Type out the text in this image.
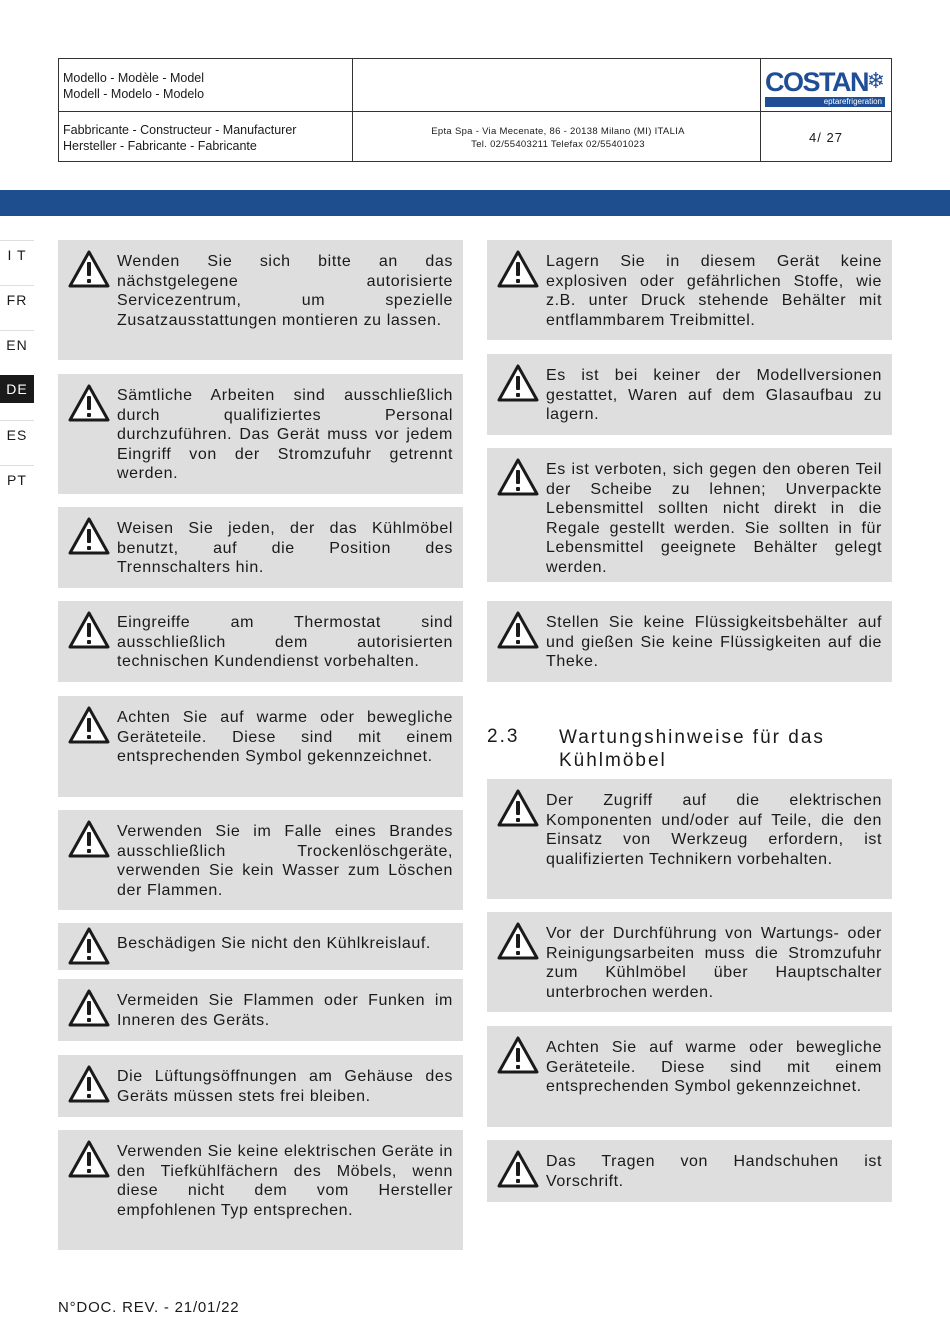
Modello - Modèle - Model
Modell - Modelo - Modelo
Fabbricante - Constructeur - Manufacturer
Hersteller - Fabricante - Fabricante
Epta Spa - Via Mecenate, 86 - 20138 Milano (MI) ITALIA
Tel. 02/55403211 Telefax 02/55401023	4/ 27
COSTAN
❄
eptarefrigeration
I T
FR
EN
DE
ES
PT
Wenden Sie sich bitte an das nächstgelegene autorisierte Servicezentrum, um spezielle Zusatzausstattungen montieren zu lassen.
Sämtliche Arbeiten sind ausschließlich durch qualifiziertes Personal durchzuführen. Das Gerät muss vor jedem Eingriff von der Stromzufuhr getrennt werden.
Weisen Sie jeden, der das Kühlmöbel benutzt, auf die Position des Trennschalters hin.
Eingreiffe am Thermostat sind ausschließlich dem autorisierten technischen Kundendienst vorbehalten.
Achten Sie auf warme oder bewegliche Geräteteile. Diese sind mit einem entsprechenden Symbol gekennzeichnet.
Verwenden Sie im Falle eines Brandes ausschließlich Trockenlöschgeräte, verwenden Sie kein Wasser zum Löschen der Flammen.
Beschädigen Sie nicht den Kühlkreislauf.
Vermeiden Sie Flammen oder Funken im Inneren des Geräts.
Die Lüftungsöffnungen am Gehäuse des Geräts müssen stets frei bleiben.
Verwenden Sie keine elektrischen Geräte in den Tiefkühlfächern des Möbels, wenn diese nicht dem vom Hersteller empfohlenen Typ entsprechen.
Lagern Sie in diesem Gerät keine explosiven oder gefährlichen Stoffe, wie z.B. unter Druck stehende Behälter mit entflammbarem Treibmittel.
Es ist bei keiner der Modellversionen gestattet, Waren auf dem Glasaufbau zu lagern.
Es ist verboten, sich gegen den oberen Teil der Scheibe zu lehnen; Unverpackte Lebensmittel sollten nicht direkt in die Regale gestellt werden. Sie sollten in für Lebensmittel geeignete Behälter gelegt werden.
Stellen Sie keine Flüssigkeitsbehälter auf und gießen Sie keine Flüssigkeiten auf die Theke.
Der Zugriff auf die elektrischen Komponenten und/oder auf Teile, die den Einsatz von Werkzeug erfordern, ist qualifizierten Technikern vorbehalten.
Vor der Durchführung von Wartungs- oder Reinigungsarbeiten muss die Stromzufuhr zum Kühlmöbel über Hauptschalter unterbrochen werden.
Achten Sie auf warme oder bewegliche Geräteteile. Diese sind mit einem entsprechenden Symbol gekennzeichnet.
Das Tragen von Handschuhen ist Vorschrift.
2.3 Wartungshinweise für das Kühlmöbel
N°DOC. REV. - 21/01/22
